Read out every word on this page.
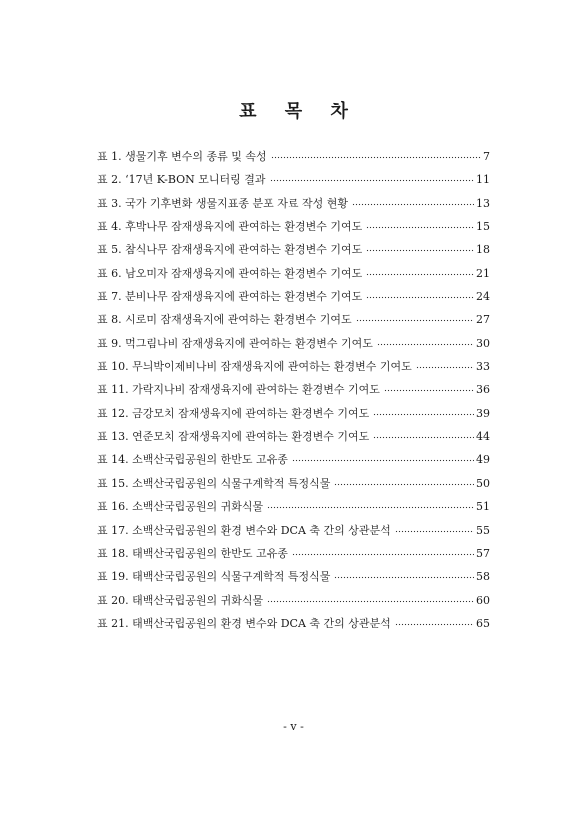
표 목 차
표 1. 생물기후 변수의 종류 및 속성	7
표 2. ‘17년 K-BON 모니터링 결과	11
표 3. 국가 기후변화 생물지표종 분포 자료 작성 현황	13
표 4. 후박나무 잠재생육지에 관여하는 환경변수 기여도	15
표 5. 참식나무 잠재생육지에 관여하는 환경변수 기여도	18
표 6. 남오미자 잠재생육지에 관여하는 환경변수 기여도	21
표 7. 분비나무 잠재생육지에 관여하는 환경변수 기여도	24
표 8. 시로미 잠재생육지에 관여하는 환경변수 기여도	27
표 9. 먹그림나비 잠재생육지에 관여하는 환경변수 기여도	30
표 10. 무늬박이제비나비 잠재생육지에 관여하는 환경변수 기여도	33
표 11. 가락지나비 잠재생육지에 관여하는 환경변수 기여도	36
표 12. 금강모치 잠재생육지에 관여하는 환경변수 기여도	39
표 13. 연준모치 잠재생육지에 관여하는 환경변수 기여도	44
표 14. 소백산국립공원의 한반도 고유종	49
표 15. 소백산국립공원의 식물구계학적 특정식물	50
표 16. 소백산국립공원의 귀화식물	51
표 17. 소백산국립공원의 환경 변수와 DCA 축 간의 상관분석	55
표 18. 태백산국립공원의 한반도 고유종	57
표 19. 태백산국립공원의 식물구계학적 특정식물	58
표 20. 태백산국립공원의 귀화식물	60
표 21. 태백산국립공원의 환경 변수와 DCA 축 간의 상관분석	65
- v -
